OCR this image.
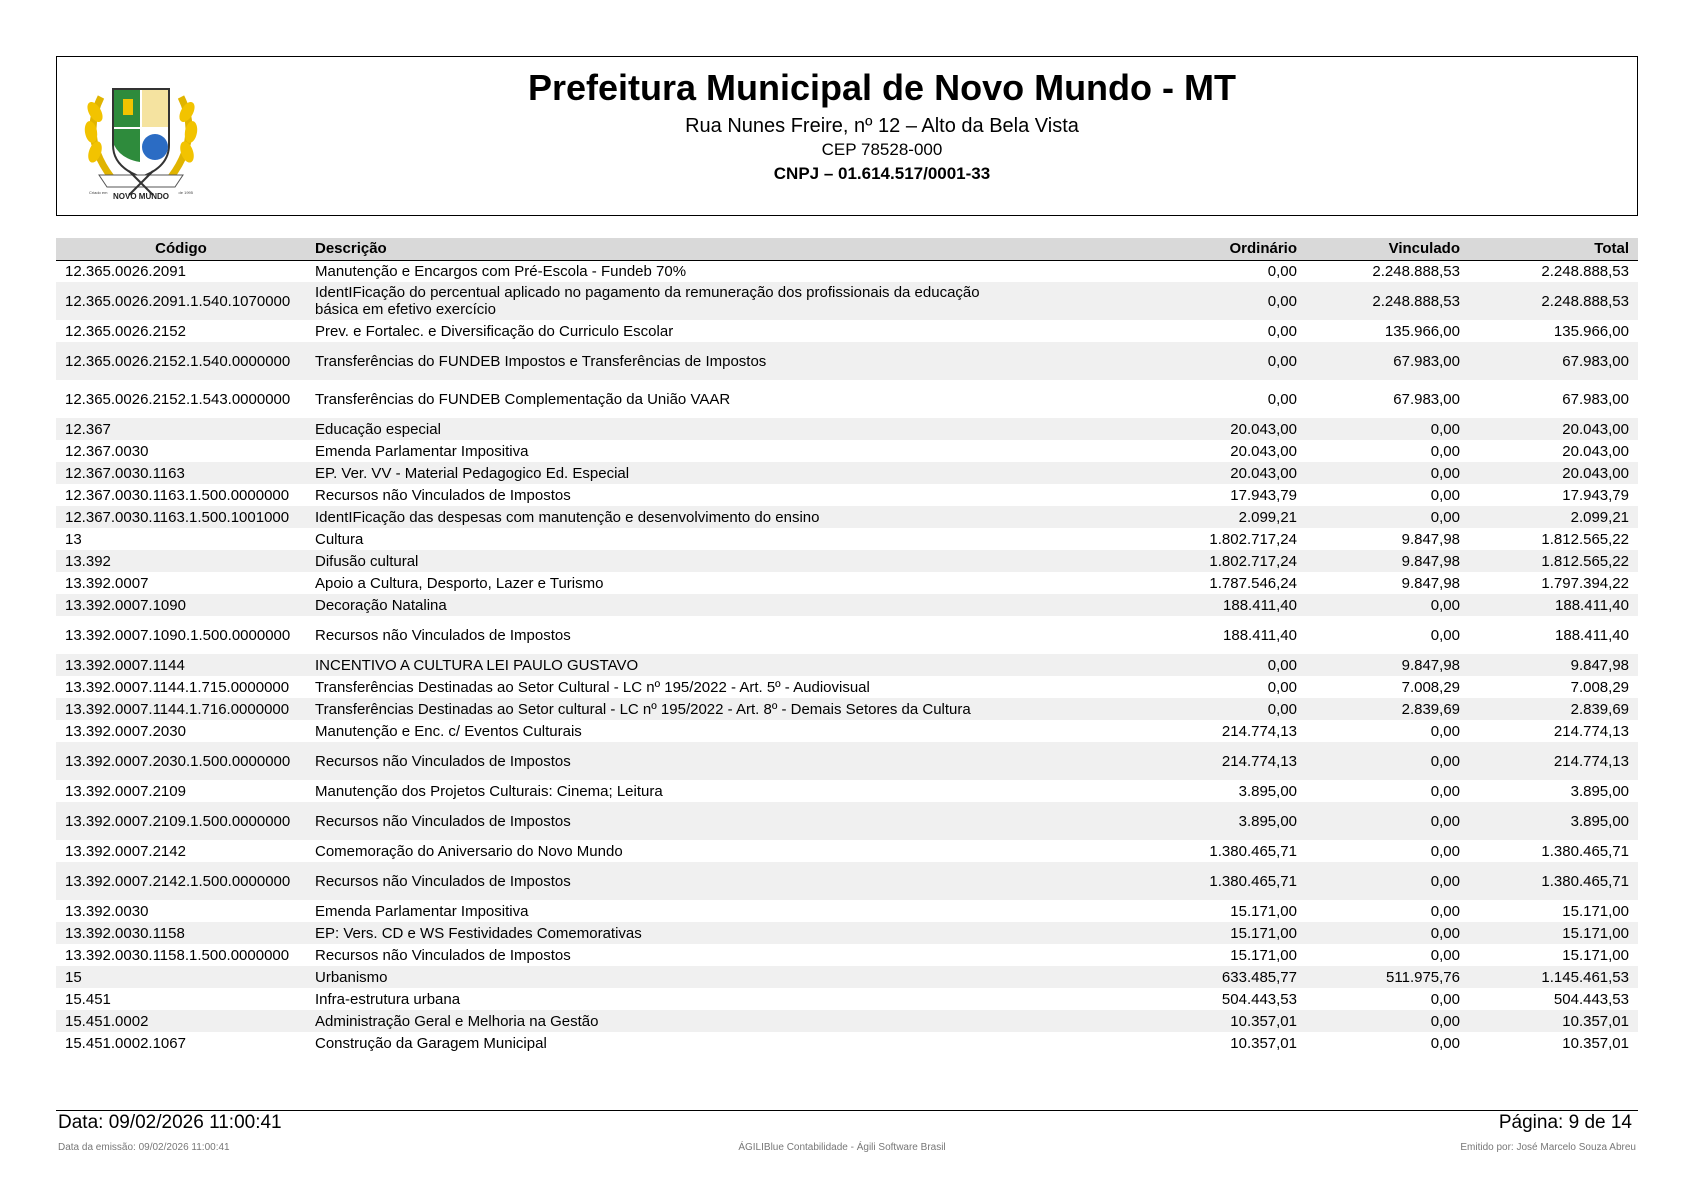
NOVO MUNDO
Criado em	de 1995
Prefeitura Municipal de Novo Mundo - MT
Rua Nunes Freire, nº 12 – Alto da Bela Vista
CEP 78528-000
CNPJ – 01.614.517/0001-33
Código	Descrição	Ordinário	Vinculado	Total
12.365.0026.2091	Manutenção e Encargos com Pré-Escola - Fundeb 70%	0,00	2.248.888,53	2.248.888,53
12.365.0026.2091.1.540.1070000	IdentIFicação do percentual aplicado no pagamento da remuneração dos profissionais da educação básica em efetivo exercício	0,00	2.248.888,53	2.248.888,53
12.365.0026.2152	Prev. e Fortalec. e Diversificação do Curriculo Escolar	0,00	135.966,00	135.966,00
12.365.0026.2152.1.540.0000000	Transferências do FUNDEB Impostos e Transferências de Impostos	0,00	67.983,00	67.983,00
12.365.0026.2152.1.543.0000000	Transferências do FUNDEB Complementação da União VAAR	0,00	67.983,00	67.983,00
12.367	Educação especial	20.043,00	0,00	20.043,00
12.367.0030	Emenda Parlamentar Impositiva	20.043,00	0,00	20.043,00
12.367.0030.1163	EP. Ver. VV - Material Pedagogico Ed. Especial	20.043,00	0,00	20.043,00
12.367.0030.1163.1.500.0000000	Recursos não Vinculados de Impostos	17.943,79	0,00	17.943,79
12.367.0030.1163.1.500.1001000	IdentIFicação das despesas com manutenção e desenvolvimento do ensino	2.099,21	0,00	2.099,21
13	Cultura	1.802.717,24	9.847,98	1.812.565,22
13.392	Difusão cultural	1.802.717,24	9.847,98	1.812.565,22
13.392.0007	Apoio a Cultura, Desporto, Lazer e Turismo	1.787.546,24	9.847,98	1.797.394,22
13.392.0007.1090	Decoração Natalina	188.411,40	0,00	188.411,40
13.392.0007.1090.1.500.0000000	Recursos não Vinculados de Impostos	188.411,40	0,00	188.411,40
13.392.0007.1144	INCENTIVO A CULTURA LEI PAULO GUSTAVO	0,00	9.847,98	9.847,98
13.392.0007.1144.1.715.0000000	Transferências Destinadas ao Setor Cultural - LC nº 195/2022 - Art. 5º - Audiovisual	0,00	7.008,29	7.008,29
13.392.0007.1144.1.716.0000000	Transferências Destinadas ao Setor cultural - LC nº 195/2022 - Art. 8º - Demais Setores da Cultura	0,00	2.839,69	2.839,69
13.392.0007.2030	Manutenção e Enc. c/ Eventos Culturais	214.774,13	0,00	214.774,13
13.392.0007.2030.1.500.0000000	Recursos não Vinculados de Impostos	214.774,13	0,00	214.774,13
13.392.0007.2109	Manutenção dos Projetos Culturais: Cinema; Leitura	3.895,00	0,00	3.895,00
13.392.0007.2109.1.500.0000000	Recursos não Vinculados de Impostos	3.895,00	0,00	3.895,00
13.392.0007.2142	Comemoração do Aniversario do Novo Mundo	1.380.465,71	0,00	1.380.465,71
13.392.0007.2142.1.500.0000000	Recursos não Vinculados de Impostos	1.380.465,71	0,00	1.380.465,71
13.392.0030	Emenda Parlamentar Impositiva	15.171,00	0,00	15.171,00
13.392.0030.1158	EP: Vers. CD e WS Festividades Comemorativas	15.171,00	0,00	15.171,00
13.392.0030.1158.1.500.0000000	Recursos não Vinculados de Impostos	15.171,00	0,00	15.171,00
15	Urbanismo	633.485,77	511.975,76	1.145.461,53
15.451	Infra-estrutura urbana	504.443,53	0,00	504.443,53
15.451.0002	Administração Geral e Melhoria na Gestão	10.357,01	0,00	10.357,01
15.451.0002.1067	Construção da Garagem Municipal	10.357,01	0,00	10.357,01
Data: 09/02/2026 11:00:41	Página: 9 de 14
Data da emissão: 09/02/2026 11:00:41	ÁGILIBlue Contabilidade - Ágili Software Brasil	Emitido por: José Marcelo Souza Abreu
